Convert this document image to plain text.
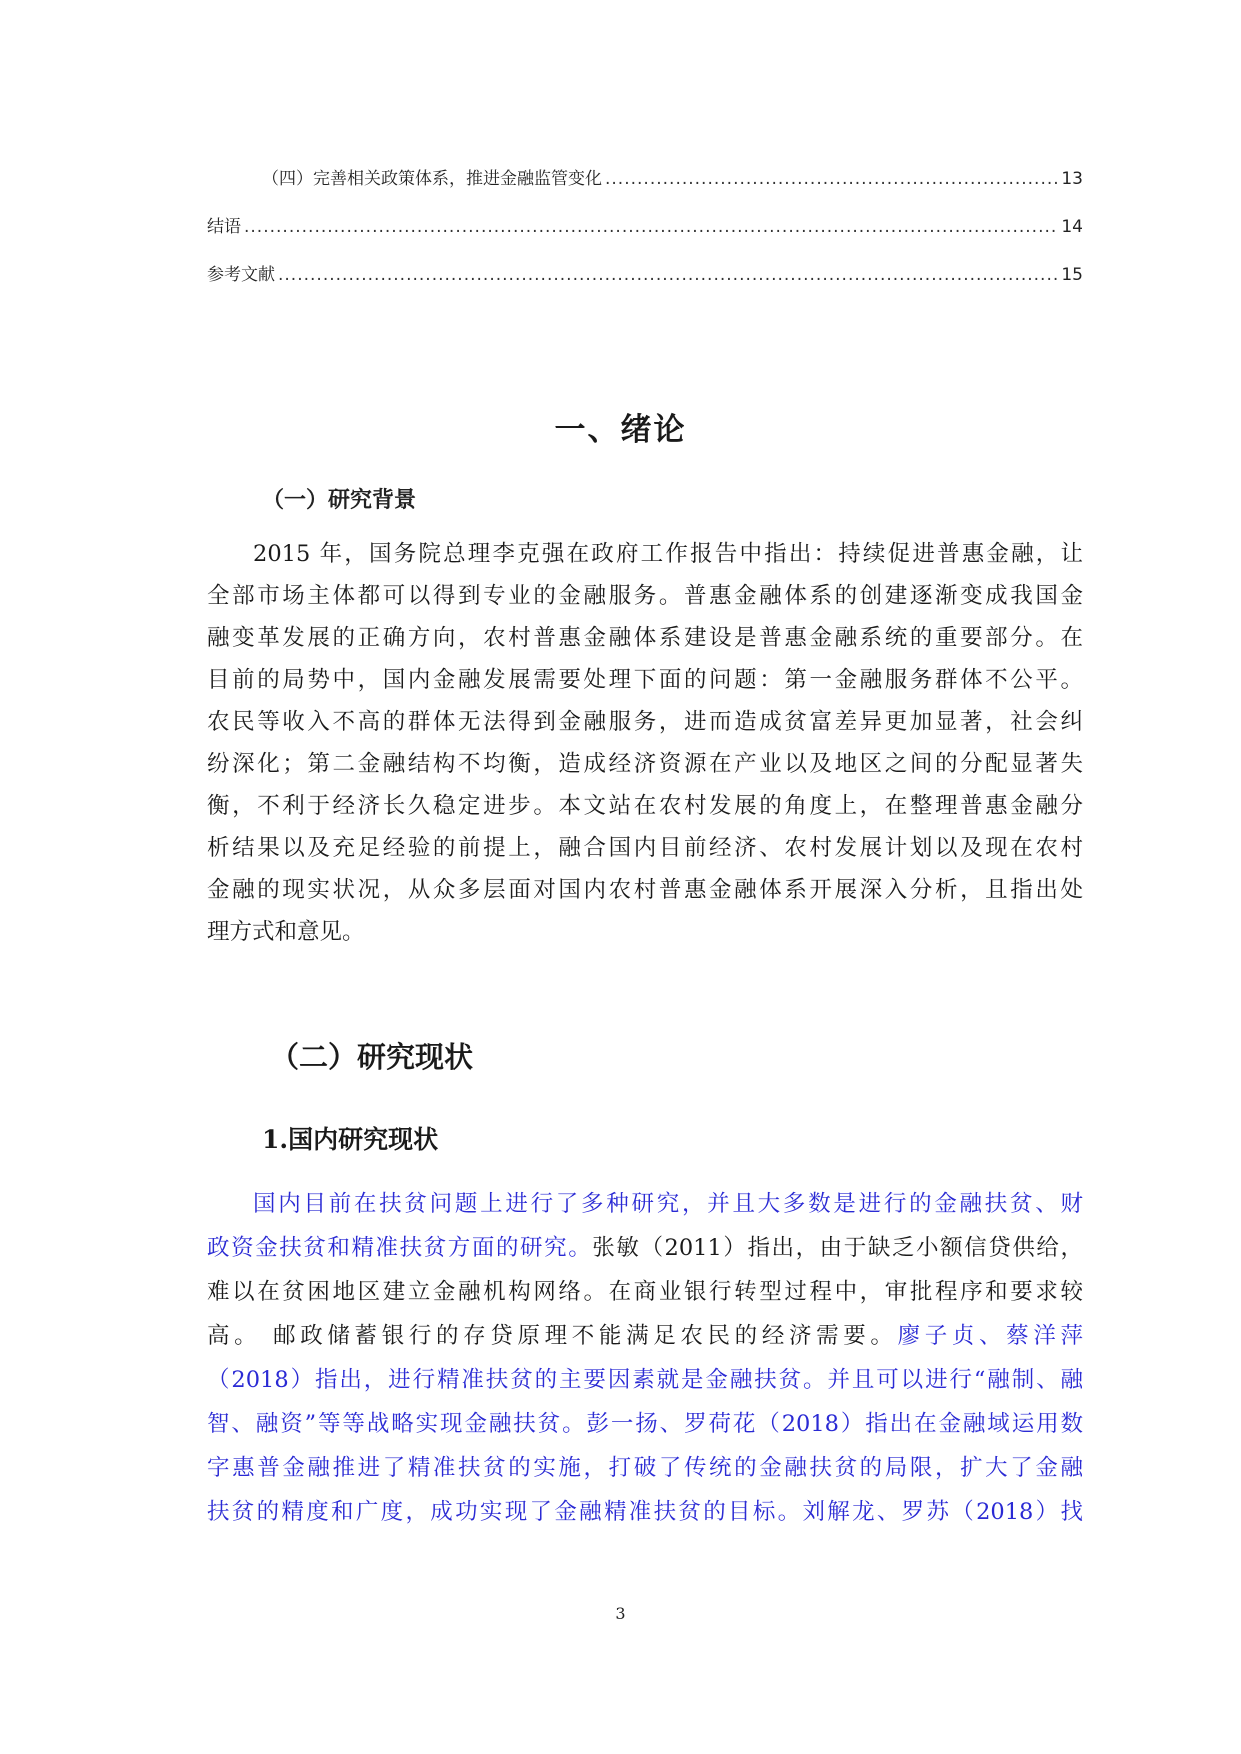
（四）完善相关政策体系，推进金融监管变化 .....	13
结语 .....	14
参考文献 .....	15
一、绪论
（一）研究背景
2015 年，国务院总理李克强在政府工作报告中指出：持续促进普惠金融，让
全部市场主体都可以得到专业的金融服务。普惠金融体系的创建逐渐变成我国金
融变革发展的正确方向，农村普惠金融体系建设是普惠金融系统的重要部分。在
目前的局势中，国内金融发展需要处理下面的问题：第一金融服务群体不公平。
农民等收入不高的群体无法得到金融服务，进而造成贫富差异更加显著，社会纠
纷深化；第二金融结构不均衡，造成经济资源在产业以及地区之间的分配显著失
衡，不利于经济长久稳定进步。本文站在农村发展的角度上，在整理普惠金融分
析结果以及充足经验的前提上，融合国内目前经济、农村发展计划以及现在农村
金融的现实状况，从众多层面对国内农村普惠金融体系开展深入分析，且指出处
理方式和意见。
（二）研究现状
1.国内研究现状
国内目前在扶贫问题上进行了多种研究，并且大多数是进行的金融扶贫、财
政资金扶贫和精准扶贫方面的研究。张敏（2011）指出，由于缺乏小额信贷供给，
难以在贫困地区建立金融机构网络。在商业银行转型过程中，审批程序和要求较
高。 邮政储蓄银行的存贷原理不能满足农民的经济需要。廖子贞、蔡洋萍
（2018）指出，进行精准扶贫的主要因素就是金融扶贫。并且可以进行“融制、融
智、融资”等等战略实现金融扶贫。彭一扬、罗荷花（2018）指出在金融域运用数
字惠普金融推进了精准扶贫的实施，打破了传统的金融扶贫的局限，扩大了金融
扶贫的精度和广度，成功实现了金融精准扶贫的目标。刘解龙、罗苏（2018）找
3
